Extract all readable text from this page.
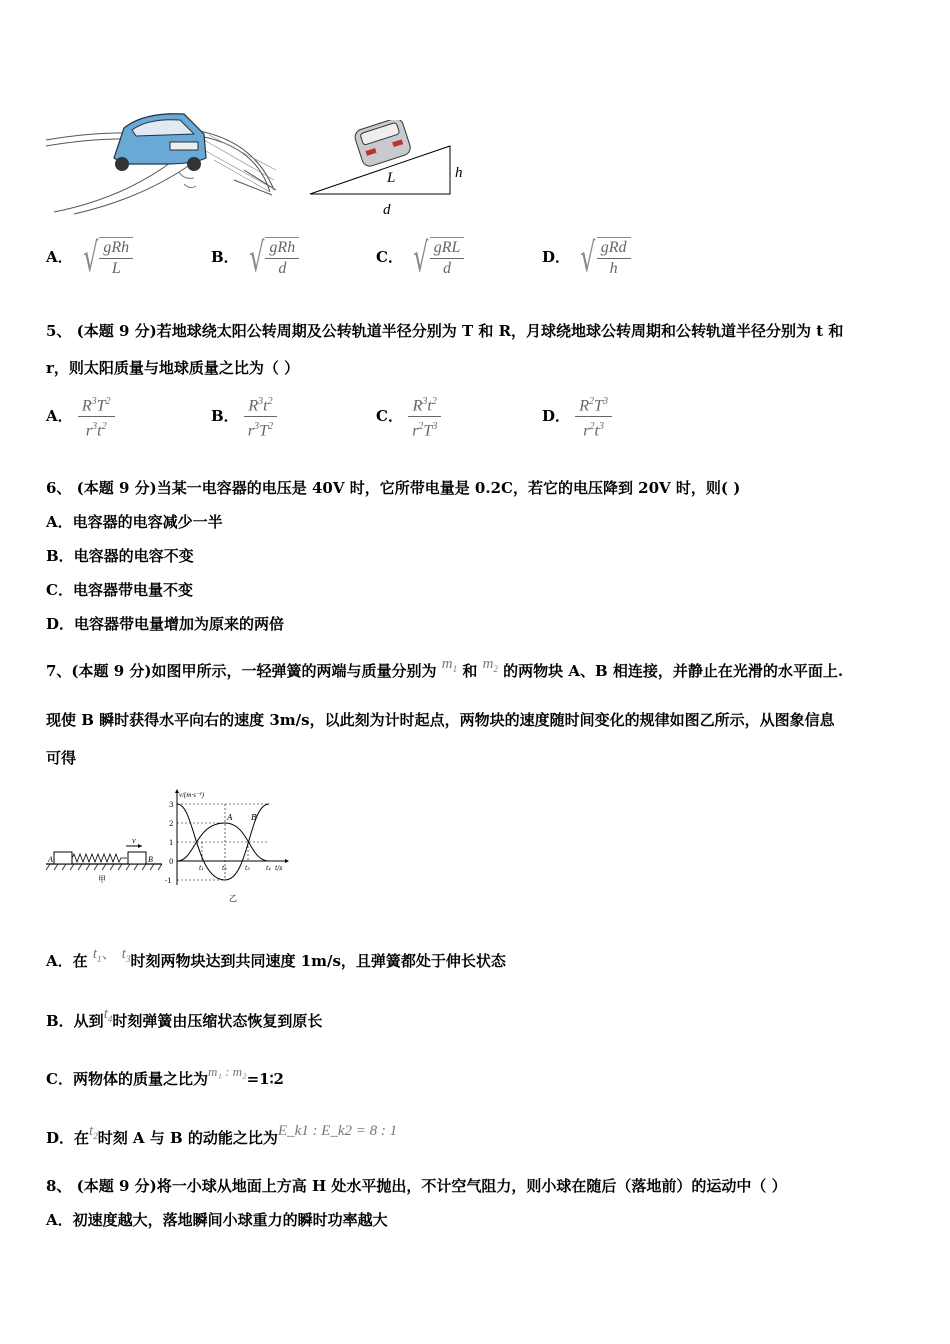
L	h
d
A． √ $\frac{\text{gRh}}{L}$	B． √ $\frac{\text{gRh}}{d}$	C． √ $\frac{\text{gRL}}{d}$	D． √ $\frac{\text{gRd}}{h}$
5、 (本题 9 分)若地球绕太阳公转周期及公转轨道半径分别为 T 和 R，月球绕地球公转周期和公转轨道半径分别为 t 和
r，则太阳质量与地球质量之比为（ ）
A． $\frac{R^3T^2}{r^3t^2}$	B． $\frac{R^3t^2}{r^3T^2}$	C． $\frac{R^3t^2}{r^2T^3}$	D． $\frac{R^2T^3}{r^2t^3}$
6、 (本题 9 分)当某一电容器的电压是 40V 时，它所带电量是 0.2C，若它的电压降到 20V 时，则( )
A．电容器的电容减少一半
B．电容器的电容不变
C．电容器带电量不变
D．电容器带电量增加为原来的两倍
7、(本题 9 分)如图甲所示，一轻弹簧的两端与质量分别为 $m_1$ 和 $m_2$ 的两物块 A、B 相连接，并静止在光滑的水平面上.
现使 B 瞬时获得水平向右的速度 3m/s，以此刻为计时起点，两物块的速度随时间变化的规律如图乙所示，从图象信息
可得
A	B
v
甲
v/(m·s⁻¹)
3
2
1
0
-1
t₁	t₂	t₃	t₄ t/s
A B
乙
A．在 $t_1$、 $t_3$时刻两物块达到共同速度 1m/s，且弹簧都处于伸长状态
B．从到$t_4$时刻弹簧由压缩状态恢复到原长
C．两物体的质量之比为m₁ : m₂=1∶2
D．在$t_2$时刻 A 与 B 的动能之比为E_k1 : E_k2 = 8 : 1
8、 (本题 9 分)将一小球从地面上方高 H 处水平抛出，不计空气阻力，则小球在随后（落地前）的运动中（ ）
A．初速度越大，落地瞬间小球重力的瞬时功率越大
